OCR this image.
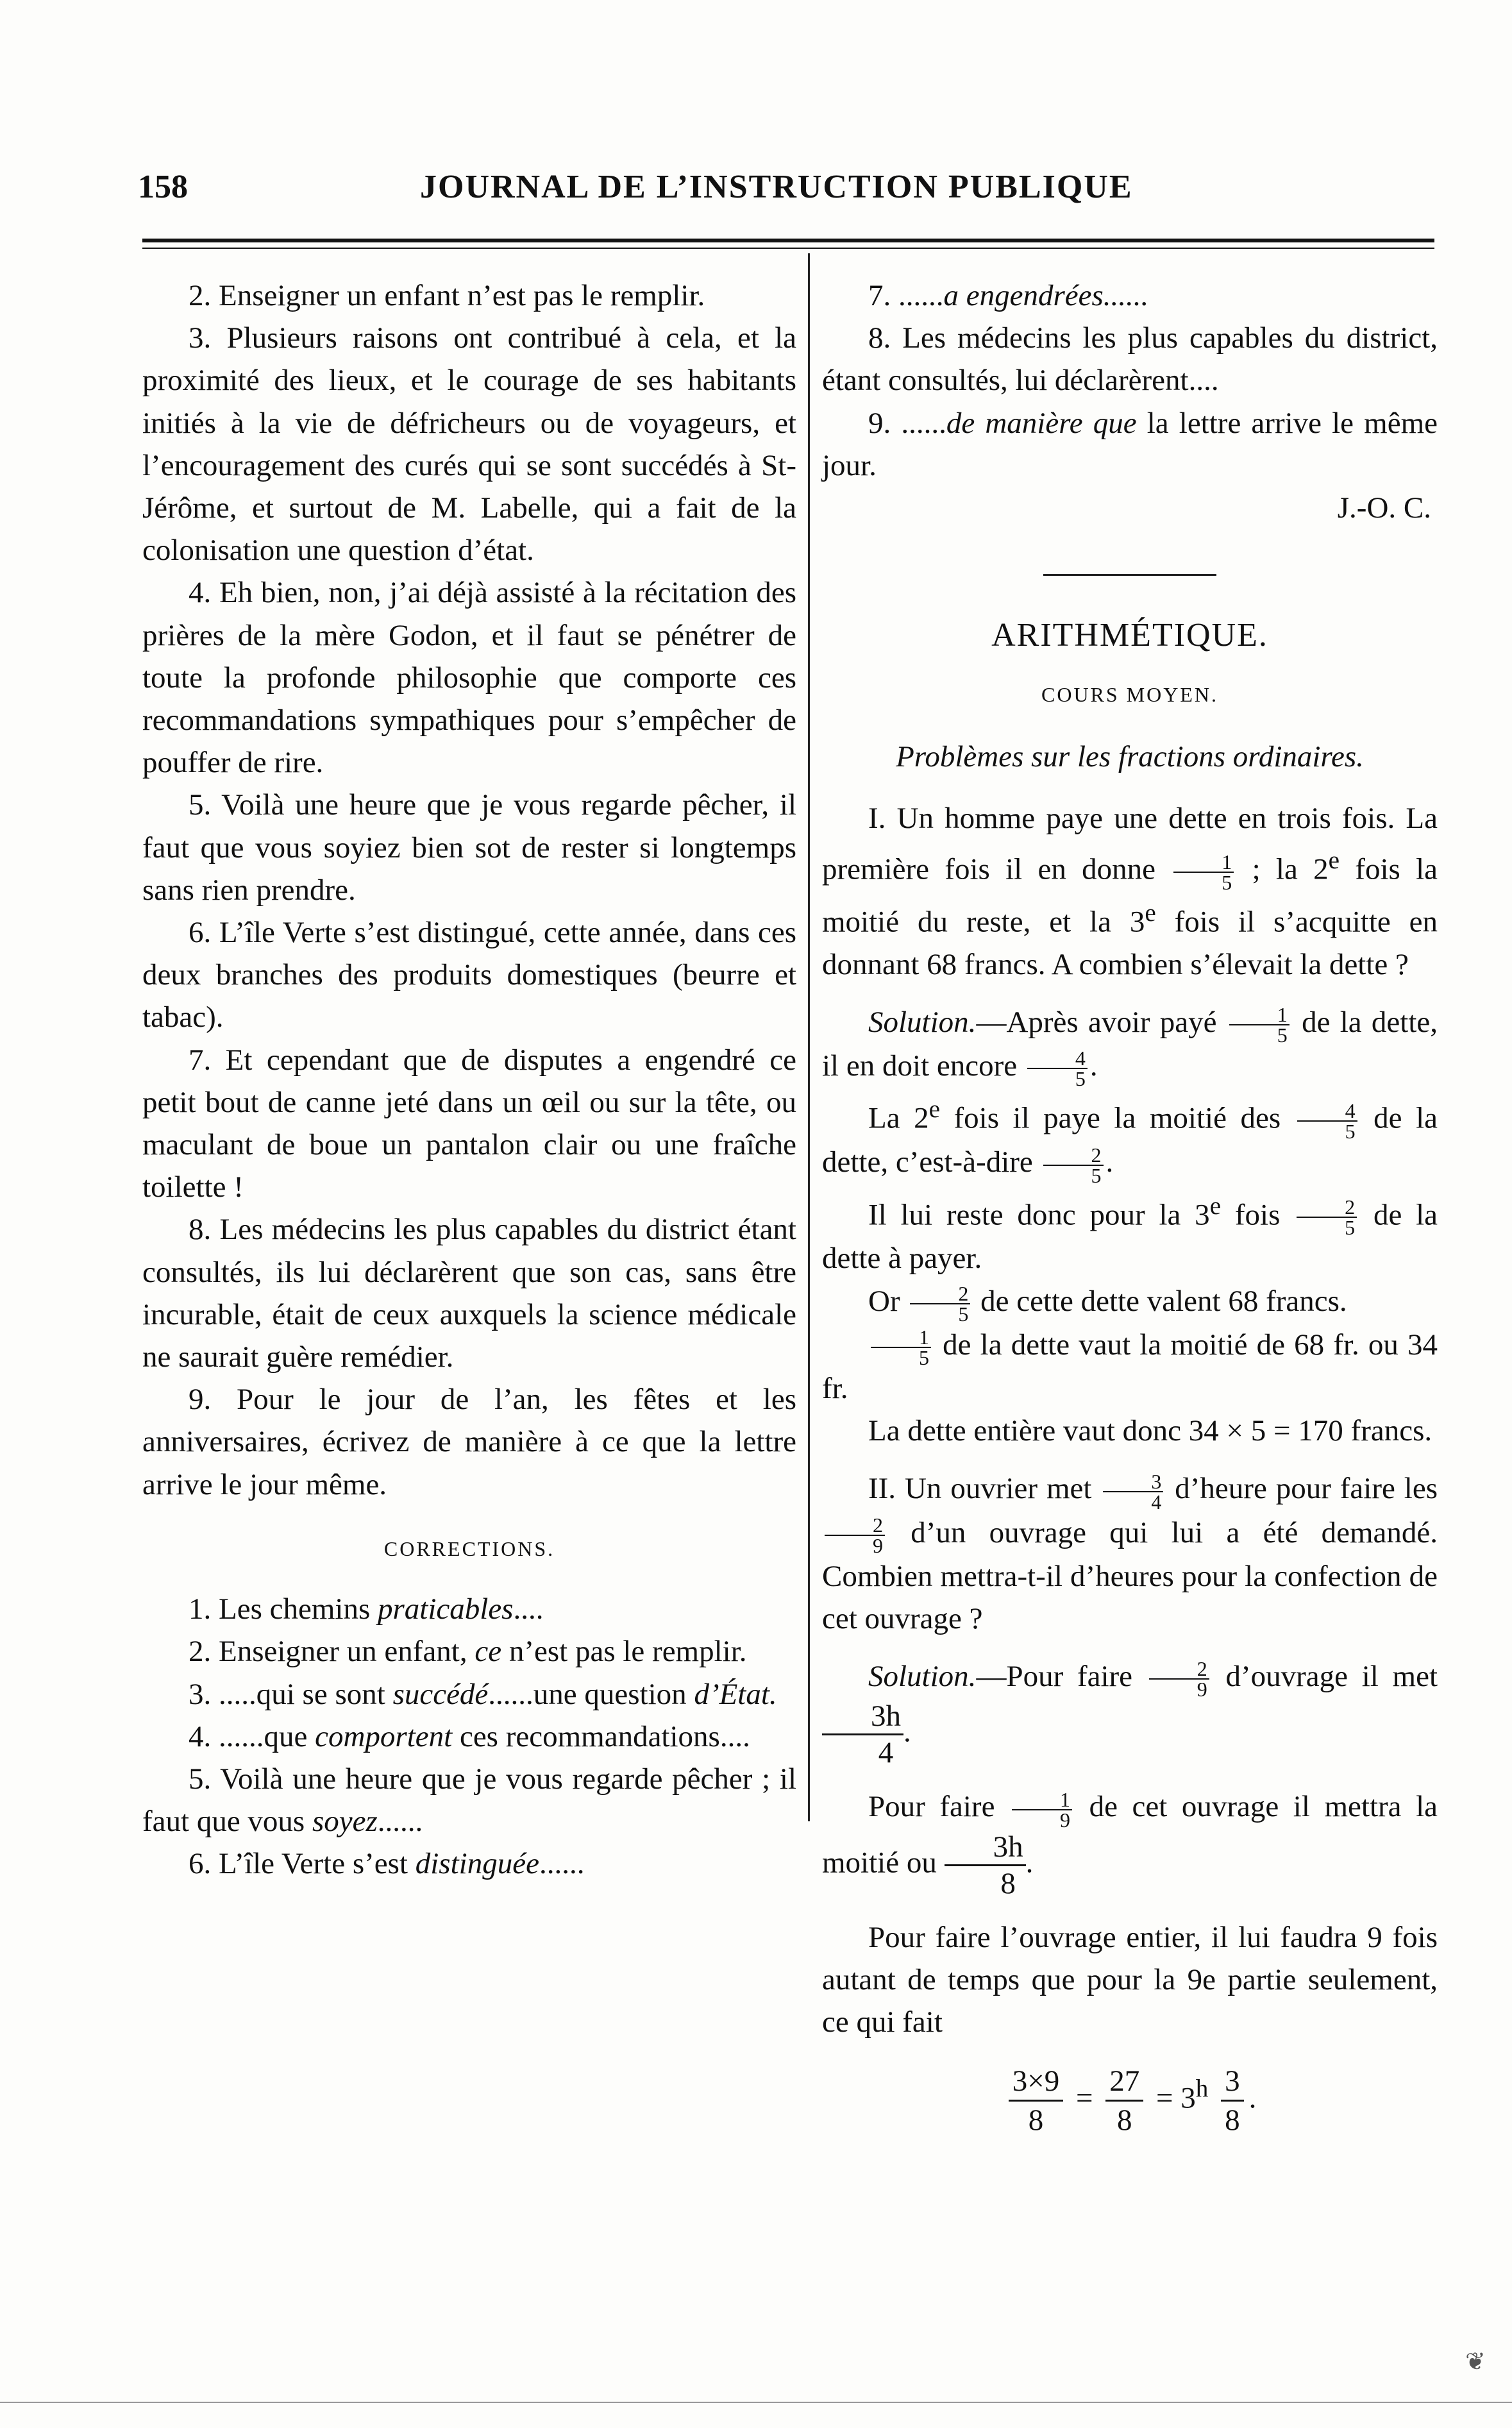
158	JOURNAL DE L’INSTRUCTION PUBLIQUE

2. Enseigner un enfant n’est pas le remplir.

3. Plusieurs raisons ont contribué à cela, et la proximité des lieux, et le courage de ses habitants initiés à la vie de défricheurs ou de voyageurs, et l’encouragement des curés qui se sont succédés à St-Jérôme, et surtout de M. Labelle, qui a fait de la colonisation une question d’état.

4. Eh bien, non, j’ai déjà assisté à la récitation des prières de la mère Godon, et il faut se pénétrer de toute la profonde philosophie que comporte ces recommandations sympathiques pour s’empêcher de pouffer de rire.

5. Voilà une heure que je vous regarde pêcher, il faut que vous soyiez bien sot de rester si longtemps sans rien prendre.

6. L’île Verte s’est distingué, cette année, dans ces deux branches des produits domestiques (beurre et tabac).

7. Et cependant que de disputes a engendré ce petit bout de canne jeté dans un œil ou sur la tête, ou maculant de boue un pantalon clair ou une fraîche toilette !

8. Les médecins les plus capables du district étant consultés, ils lui déclarèrent que son cas, sans être incurable, était de ceux auxquels la science médicale ne saurait guère remédier.

9. Pour le jour de l’an, les fêtes et les anniversaires, écrivez de manière à ce que la lettre arrive le jour même.

CORRECTIONS.

1. Les chemins praticables....

2. Enseigner un enfant, ce n’est pas le remplir.

3. .....qui se sont succédé......une question d’État.

4. ......que comportent ces recommandations....

5. Voilà une heure que je vous regarde pêcher ; il faut que vous soyez......

6. L’île Verte s’est distinguée......

7. ......a engendrées......

8. Les médecins les plus capables du district, étant consultés, lui déclarèrent....

9. ......de manière que la lettre arrive le même jour.

J.-O. C.

ARITHMÉTIQUE.

COURS MOYEN.

Problèmes sur les fractions ordinaires.

I. Un homme paye une dette en trois fois. La première fois il en donne $\frac{1}{5}$ ; la 2e fois la moitié du reste, et la 3e fois il s’acquitte en donnant 68 francs. A combien s’élevait la dette ?

Solution.—Après avoir payé $\frac{1}{5}$ de la dette, il en doit encore $\frac{4}{5}$ .

La 2e fois il paye la moitié des $\frac{4}{5}$ de la dette, c’est-à-dire $\frac{2}{5}$ .

Il lui reste donc pour la 3e fois $\frac{2}{5}$ de la dette à payer.

Or $\frac{2}{5}$ de cette dette valent 68 francs.

$\frac{1}{5}$ de la dette vaut la moitié de 68 fr. ou 34 fr.

La dette entière vaut donc 34 × 5 = 170 francs.

II. Un ouvrier met $\frac{3}{4}$ d’heure pour faire les
$\frac{2}{9}$ d’un ouvrage qui lui a été demandé. Combien mettra-t-il d’heures pour la confection de cet ouvrage ?

Solution.—Pour faire $\frac{2}{9}$ d’ouvrage il met
$\frac{3h}{4}$ .

Pour faire $\frac{1}{9}$ de cet ouvrage il mettra la moitié ou $\frac{3h}{8}$ .

Pour faire l’ouvrage entier, il lui faudra 9 fois autant de temps que pour la 9e partie seulement, ce qui fait

$\frac{3\times 9}{8} = \frac{27}{8} = 3^h \frac{3}{8}$ .

❦
